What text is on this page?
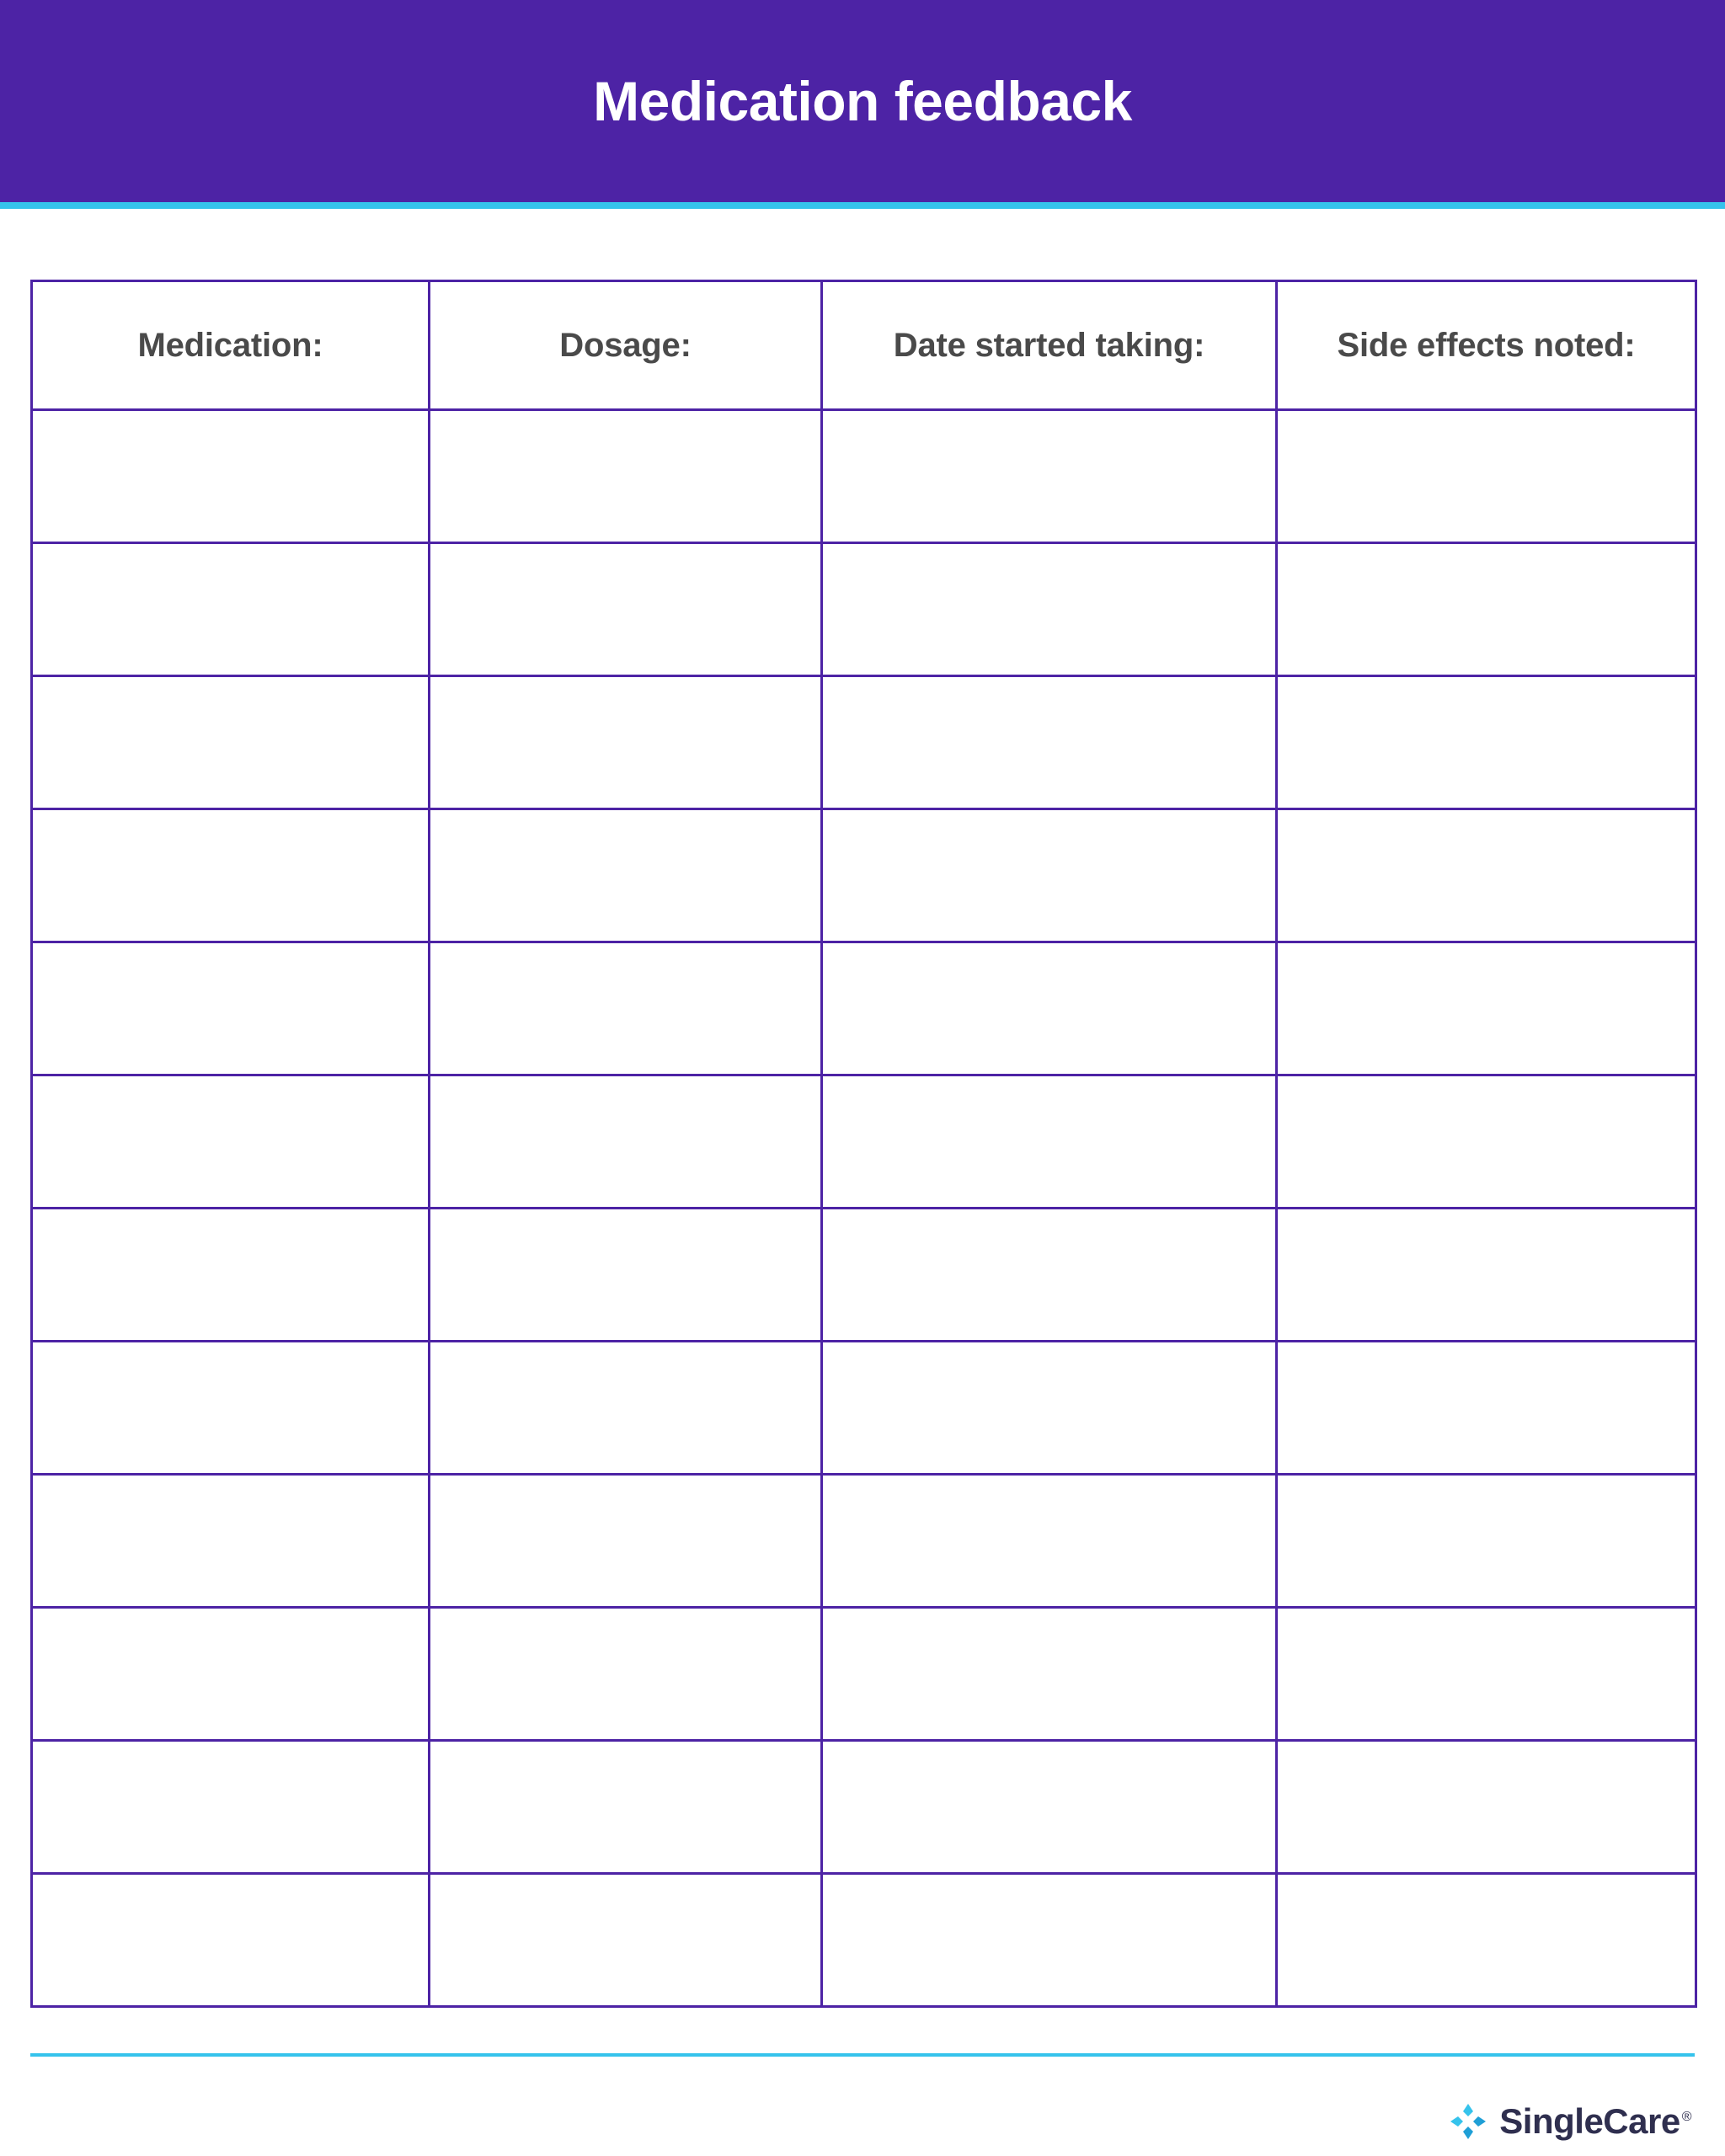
Medication feedback
Medication:	Dosage:	Date started taking:	Side effects noted:

SingleCare ®
